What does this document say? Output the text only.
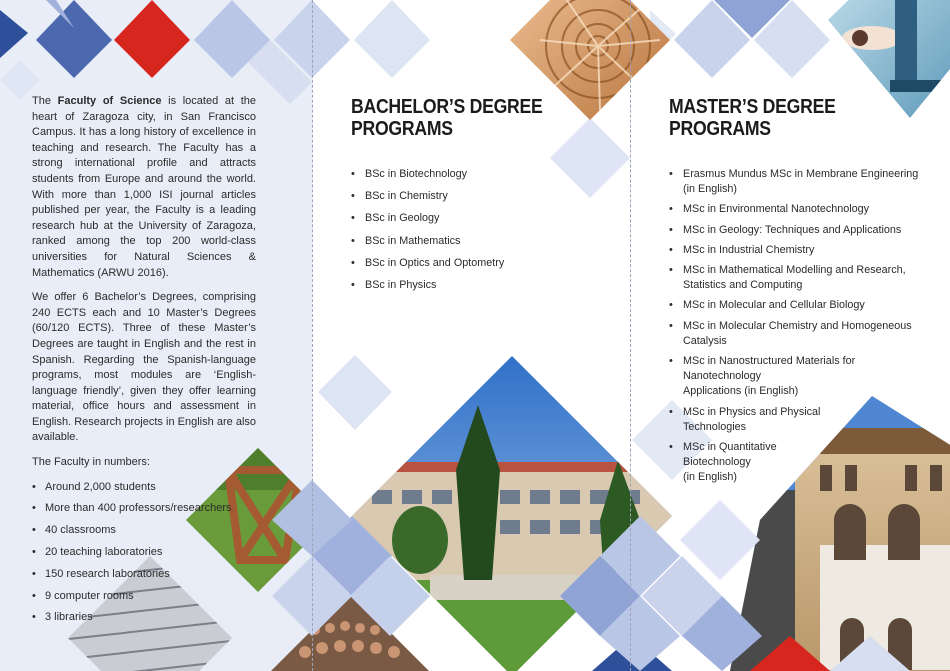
The Faculty of Science is located at the heart of Zaragoza city, in San Francisco Campus. It has a long history of excellence in teaching and research. The Faculty has a strong international profile and attracts students from Europe and around the world. With more than 1,000 ISI journal articles published per year, the Faculty is a leading research hub at the University of Zaragoza, ranked among the top 200 world-class universities for Natural Sciences & Mathematics (ARWU 2016).

We offer 6 Bachelor’s Degrees, comprising 240 ECTS each and 10 Master’s Degrees (60/120 ECTS). Three of these Master’s Degrees are taught in English and the rest in Spanish. Regarding the Spanish-language programs, most modules are ‘English-language friendly’, given they offer learning material, office hours and assessment in English. Research projects in English are also available.

The Faculty in numbers:

• Around 2,000 students
• More than 400 professors/researchers
• 40 classrooms
• 20 teaching laboratories
• 150 research laboratories
• 9 computer rooms
• 3 libraries
BACHELOR’S DEGREE
PROGRAMS
• BSc in Biotechnology
• BSc in Chemistry
• BSc in Geology
• BSc in Mathematics
• BSc in Optics and Optometry
• BSc in Physics
MASTER’S DEGREE
PROGRAMS
• Erasmus Mundus MSc in Membrane Engineering
(in English)
• MSc in Environmental Nanotechnology
• MSc in Geology: Techniques and Applications
• MSc in Industrial Chemistry
• MSc in Mathematical Modelling and Research,
Statistics and Computing
• MSc in Molecular and Cellular Biology
• MSc in Molecular Chemistry and Homogeneous
Catalysis
• MSc in Nanostructured Materials for Nanotechnology
Applications (in English)
• MSc in Physics and Physical
Technologies
• MSc in Quantitative
Biotechnology
(in English)
